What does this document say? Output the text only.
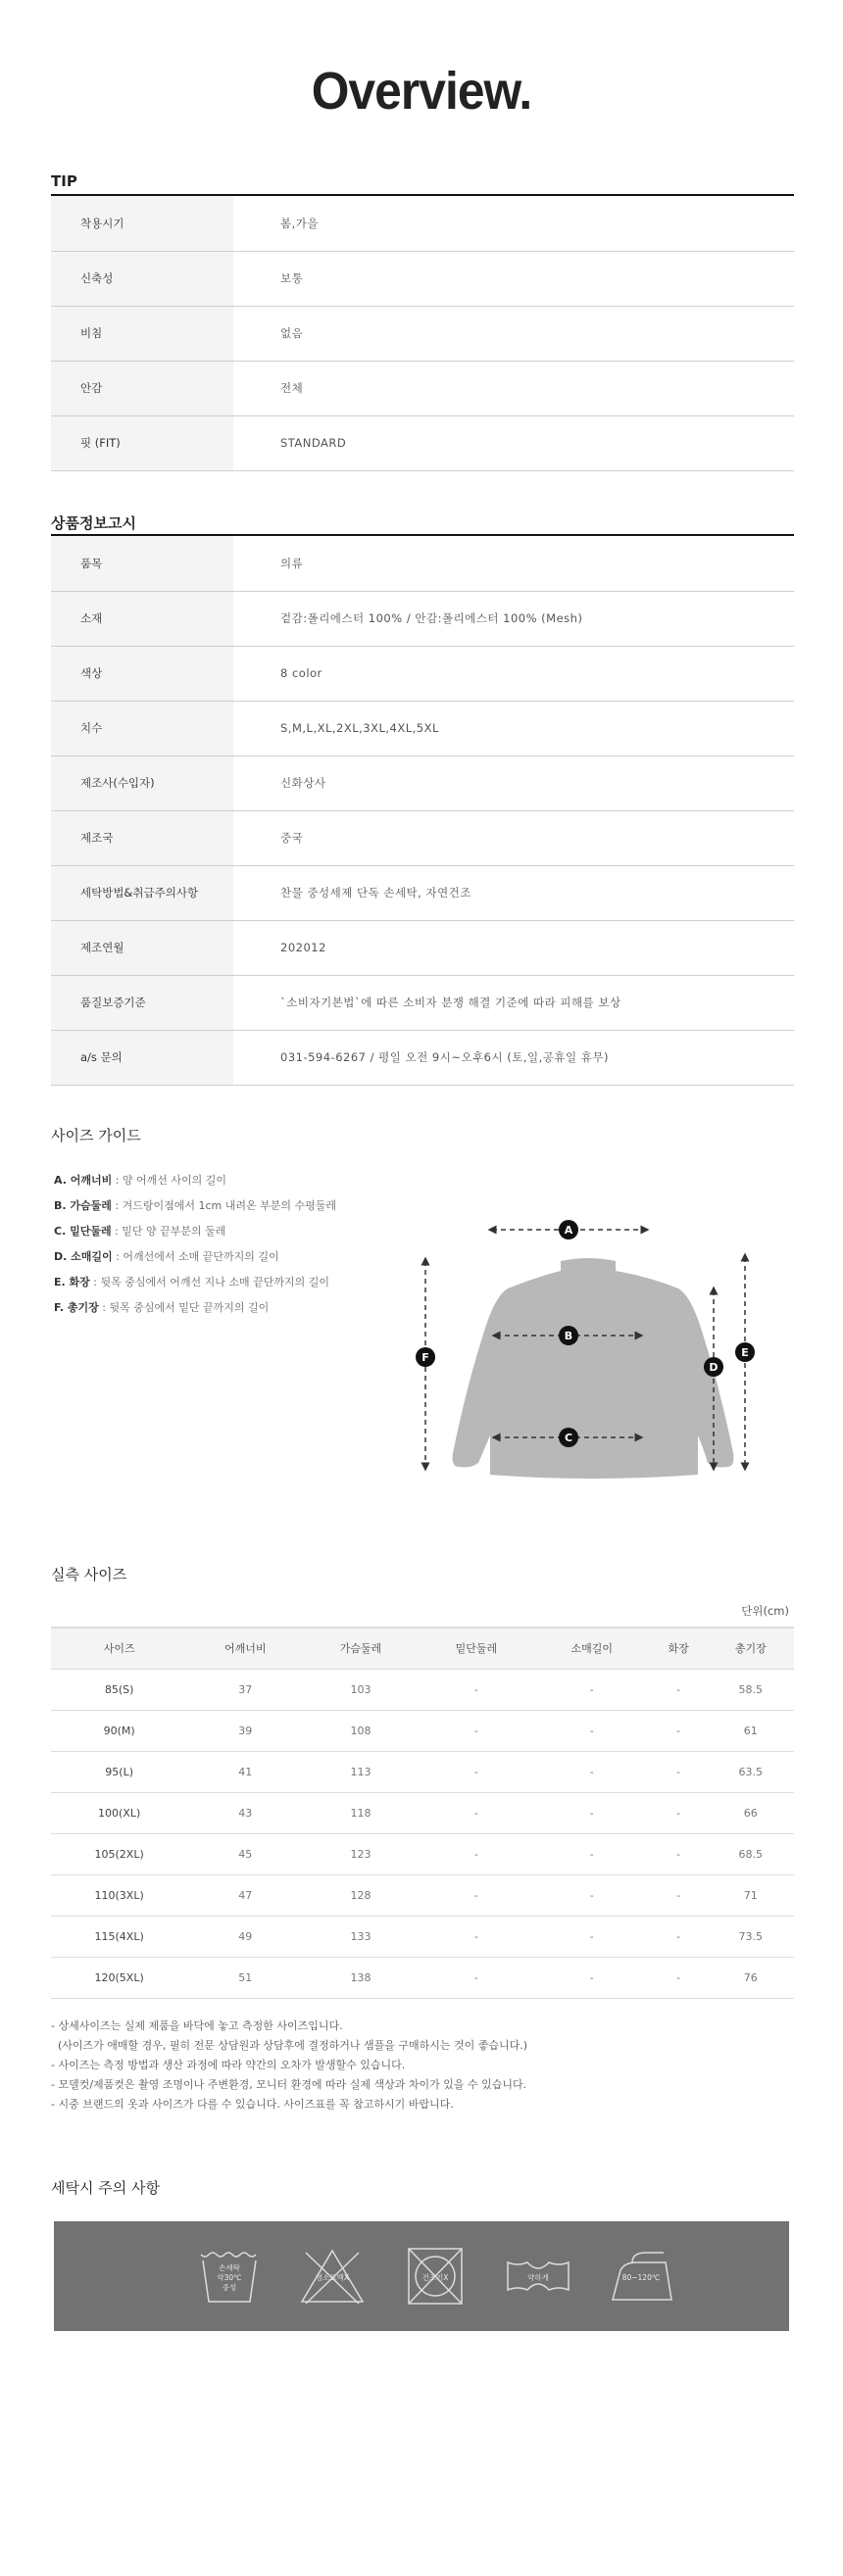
Overview.
TIP
착용시기	봄,가을
신축성	보통
비침	없음
안감	전체
핏 (FIT)	STANDARD
상품정보고시
품목	의류
소재	겉감:폴리에스터 100% / 안감:폴리에스터 100% (Mesh)
색상	8 color
치수	S,M,L,XL,2XL,3XL,4XL,5XL
제조사(수입자)	신화상사
제조국	중국
세탁방법&취급주의사항	찬물 중성세제 단독 손세탁, 자연건조
제조연월	202012
품질보증기준	`소비자기본법`에 따른 소비자 분쟁 해결 기준에 따라 피해를 보상
a/s 문의	031-594-6267 / 평일 오전 9시~오후6시 (토,일,공휴일 휴무)
사이즈 가이드
A. 어깨너비 : 양 어깨선 사이의 길이
B. 가슴둘레 : 겨드랑이점에서 1cm 내려온 부분의 수평둘레
C. 밑단둘레 : 밑단 양 끝부분의 둘레
D. 소매길이 : 어깨선에서 소매 끝단까지의 길이
E. 화장 : 뒷목 중심에서 어깨선 지나 소매 끝단까지의 길이
F. 총기장 : 뒷목 중심에서 밑단 끝까지의 길이
A
B
C
D
E
F
실측 사이즈
단위(cm)
사이즈	어깨너비	가슴둘레	밑단둘레	소매길이	화장	총기장
85(S)	37	103	-	-	-	58.5
90(M)	39	108	-	-	-	61
95(L)	41	113	-	-	-	63.5
100(XL)	43	118	-	-	-	66
105(2XL)	45	123	-	-	-	68.5
110(3XL)	47	128	-	-	-	71
115(4XL)	49	133	-	-	-	73.5
120(5XL)	51	138	-	-	-	76
- 상세사이즈는 실제 제품을 바닥에 놓고 측정한 사이즈입니다.
(사이즈가 애매할 경우, 필히 전문 상담원과 상담후에 결정하거나 샘플을 구매하시는 것이 좋습니다.)
- 사이즈는 측정 방법과 생산 과정에 따라 약간의 오차가 발생할수 있습니다.
- 모델컷/제품컷은 촬영 조명이나 주변환경, 모니터 환경에 따라 실제 색상과 차이가 있을 수 있습니다.
- 시중 브랜드의 옷과 사이즈가 다를 수 있습니다. 사이즈표를 꼭 참고하시기 바랍니다.
세탁시 주의 사항
손세탁
약30℃
중성
염소표백X	건조기X	약하게	80~120℃
